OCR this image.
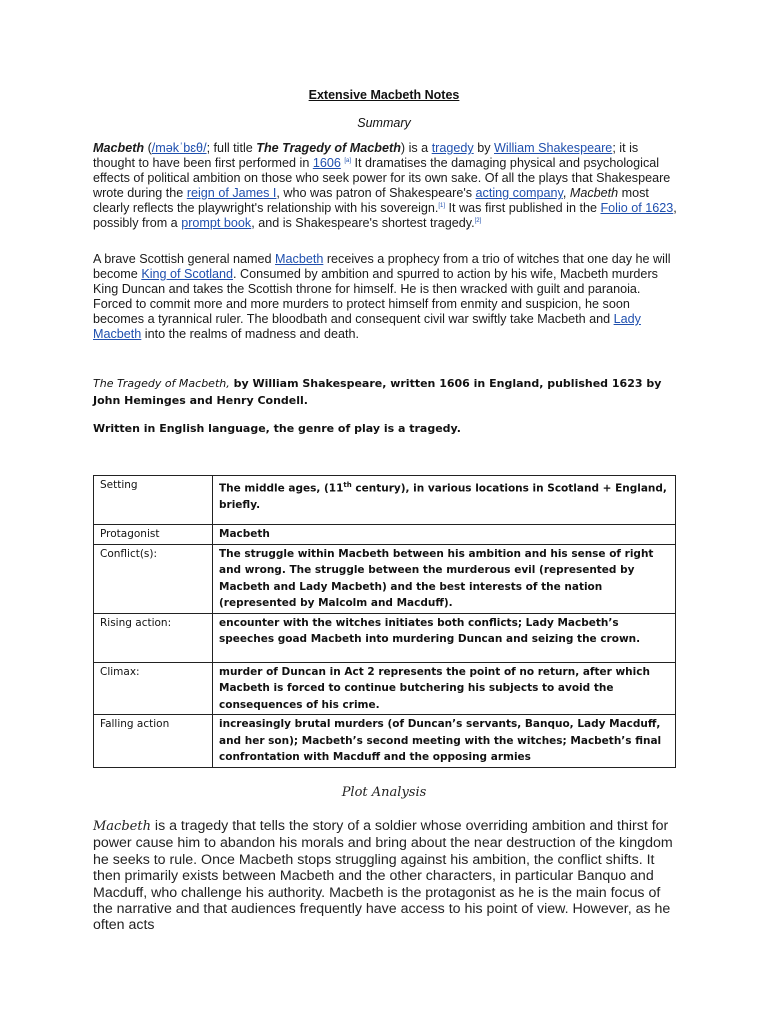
Extensive Macbeth Notes
Summary

Macbeth (/məkˈbɛθ/; full title The Tragedy of Macbeth) is a tragedy by William Shakespeare; it is thought to have been first performed in 1606 [a] It dramatises the damaging physical and psychological effects of political ambition on those who seek power for its own sake. Of all the plays that Shakespeare wrote during the reign of James I, who was patron of Shakespeare's acting company, Macbeth most clearly reflects the playwright's relationship with his sovereign.[1] It was first published in the Folio of 1623, possibly from a prompt book, and is Shakespeare's shortest tragedy.[2]

A brave Scottish general named Macbeth receives a prophecy from a trio of witches that one day he will become King of Scotland. Consumed by ambition and spurred to action by his wife, Macbeth murders King Duncan and takes the Scottish throne for himself. He is then wracked with guilt and paranoia. Forced to commit more and more murders to protect himself from enmity and suspicion, he soon becomes a tyrannical ruler. The bloodbath and consequent civil war swiftly take Macbeth and Lady Macbeth into the realms of madness and death.

The Tragedy of Macbeth, by William Shakespeare, written 1606 in England, published 1623 by John Heminges and Henry Condell.

Written in English language, the genre of play is a tragedy.

Setting	The middle ages, (11th century), in various locations in Scotland + England, briefly.
Protagonist	Macbeth
Conflict(s):	The struggle within Macbeth between his ambition and his sense of right and wrong. The struggle between the murderous evil (represented by Macbeth and Lady Macbeth) and the best interests of the nation (represented by Malcolm and Macduff).
Rising action:	encounter with the witches initiates both conflicts; Lady Macbeth’s speeches goad Macbeth into murdering Duncan and seizing the crown.
Climax:	murder of Duncan in Act 2 represents the point of no return, after which Macbeth is forced to continue butchering his subjects to avoid the consequences of his crime.
Falling action	increasingly brutal murders (of Duncan’s servants, Banquo, Lady Macduff, and her son); Macbeth’s second meeting with the witches; Macbeth’s final confrontation with Macduff and the opposing armies
Plot Analysis

Macbeth is a tragedy that tells the story of a soldier whose overriding ambition and thirst for power cause him to abandon his morals and bring about the near destruction of the kingdom he seeks to rule. Once Macbeth stops struggling against his ambition, the conflict shifts. It then primarily exists between Macbeth and the other characters, in particular Banquo and Macduff, who challenge his authority. Macbeth is the protagonist as he is the main focus of the narrative and that audiences frequently have access to his point of view. However, as he often acts
